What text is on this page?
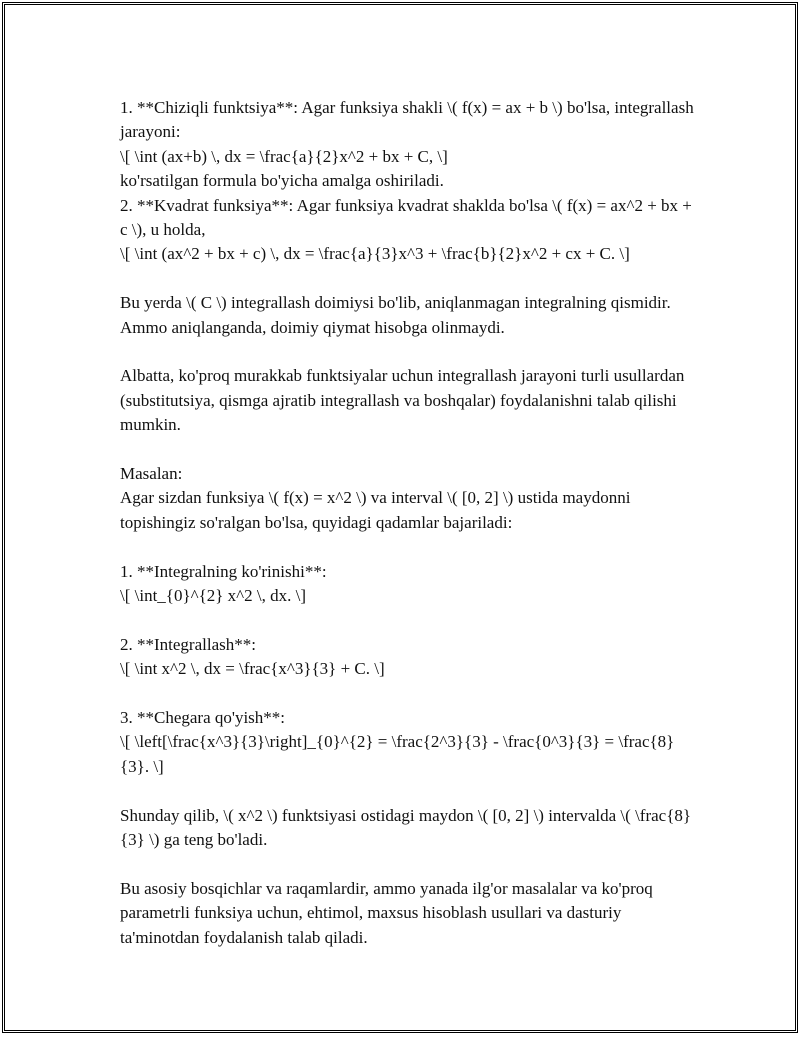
1. **Chiziqli funktsiya**: Agar funksiya shakli \( f(x) = ax + b \) bo'lsa, integrallash jarayoni:

\[ \int (ax+b) \, dx = \frac{a}{2}x^2 + bx + C, \]

ko'rsatilgan formula bo'yicha amalga oshiriladi.

2. **Kvadrat funksiya**: Agar funksiya kvadrat shaklda bo'lsa \( f(x) = ax^2 + bx + c \), u holda,

\[ \int (ax^2 + bx + c) \, dx = \frac{a}{3}x^3 + \frac{b}{2}x^2 + cx + C. \]

Bu yerda \( C \) integrallash doimiysi bo'lib, aniqlanmagan integralning qismidir. Ammo aniqlanganda, doimiy qiymat hisobga olinmaydi.

Albatta, ko'proq murakkab funktsiyalar uchun integrallash jarayoni turli usullardan (substitutsiya, qismga ajratib integrallash va boshqalar) foydalanishni talab qilishi mumkin.

Masalan:

Agar sizdan funksiya \( f(x) = x^2 \) va interval \( [0, 2] \) ustida maydonni topishingiz so'ralgan bo'lsa, quyidagi qadamlar bajariladi:

1. **Integralning ko'rinishi**:

\[ \int_{0}^{2} x^2 \, dx. \]

2. **Integrallash**:

\[ \int x^2 \, dx = \frac{x^3}{3} + C. \]

3. **Chegara qo'yish**:

\[ \left[\frac{x^3}{3}\right]_{0}^{2} = \frac{2^3}{3} - \frac{0^3}{3} = \frac{8}{3}. \]

Shunday qilib, \( x^2 \) funktsiyasi ostidagi maydon \( [0, 2] \) intervalda \( \frac{8}{3} \) ga teng bo'ladi.

Bu asosiy bosqichlar va raqamlardir, ammo yanada ilg'or masalalar va ko'proq parametrli funksiya uchun, ehtimol, maxsus hisoblash usullari va dasturiy ta'minotdan foydalanish talab qiladi.
